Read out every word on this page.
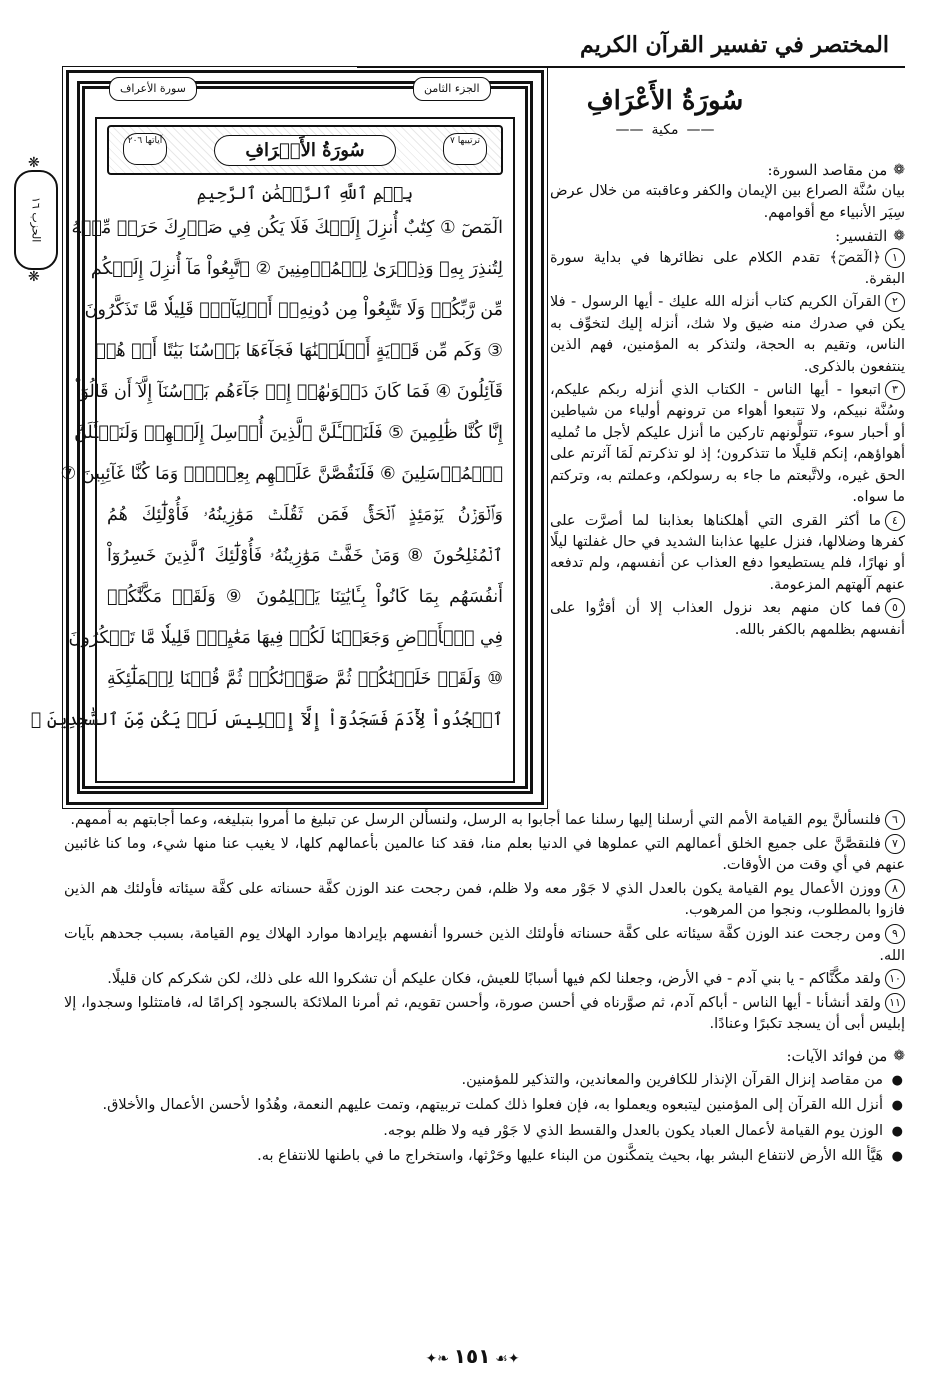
المختصر في تفسير القرآن الكريم
❋ الحزب ١٦
❋
الجزء الثامن
سورة الأعراف
ترتيبها ٧
سُورَةُ الأَعۡرَافِ
آياتها ٢٠٦
بِسۡمِ ٱللَّهِ ٱلرَّحۡمَٰنِ ٱلرَّحِيمِ
الٓمٓصٓ ① كِتَٰبٌ أُنزِلَ إِلَيۡكَ فَلَا يَكُن فِي صَدۡرِكَ حَرَجٞ مِّنۡهُ
لِتُنذِرَ بِهِۦ وَذِكۡرَىٰ لِلۡمُؤۡمِنِينَ ② ٱتَّبِعُواْ مَآ أُنزِلَ إِلَيۡكُم
مِّن رَّبِّكُمۡ وَلَا تَتَّبِعُواْ مِن دُونِهِۦٓ أَوۡلِيَآءَۗ قَلِيلٗا مَّا تَذَكَّرُونَ
③ وَكَم مِّن قَرۡيَةٍ أَهۡلَكۡنَٰهَا فَجَآءَهَا بَأۡسُنَا بَيَٰتًا أَوۡ هُمۡ
قَآئِلُونَ ④ فَمَا كَانَ دَعۡوَىٰهُمۡ إِذۡ جَآءَهُم بَأۡسُنَآ إِلَّآ أَن قَالُوٓاْ
إِنَّا كُنَّا ظَٰلِمِينَ ⑤ فَلَنَسۡـَٔلَنَّ ٱلَّذِينَ أُرۡسِلَ إِلَيۡهِمۡ وَلَنَسۡـَٔلَنَّ
ٱلۡمُرۡسَلِينَ ⑥ فَلَنَقُصَّنَّ عَلَيۡهِم بِعِلۡمٖۖ وَمَا كُنَّا غَآئِبِينَ ⑦
وَٱلۡوَزۡنُ يَوۡمَئِذٍ ٱلۡحَقُّۚ فَمَن ثَقُلَتۡ مَوَٰزِينُهُۥ فَأُوْلَٰٓئِكَ هُمُ
ٱلۡمُفۡلِحُونَ ⑧ وَمَنۡ خَفَّتۡ مَوَٰزِينُهُۥ فَأُوْلَٰٓئِكَ ٱلَّذِينَ خَسِرُوٓاْ
أَنفُسَهُم بِمَا كَانُواْ بِـَٔايَٰتِنَا يَظۡلِمُونَ ⑨ وَلَقَدۡ مَكَّنَّٰكُمۡ
فِي ٱلۡأَرۡضِ وَجَعَلۡنَا لَكُمۡ فِيهَا مَعَٰيِشَۗ قَلِيلٗا مَّا تَشۡكُرُونَ
⑩ وَلَقَدۡ خَلَقۡنَٰكُمۡ ثُمَّ صَوَّرۡنَٰكُمۡ ثُمَّ قُلۡنَا لِلۡمَلَٰٓئِكَةِ
ٱسۡجُدُواْ لِأٓدَمَ فَسَجَدُوٓاْ إِلَّآ إِبۡلِيسَ لَمۡ يَكُن مِّنَ ٱلسَّٰجِدِينَ ⑪
سُورَةُ الأَعْرَافِ
—— مكية ——
❁
من مقاصد السورة:

بيان سُنَّة الصراع بين الإيمان والكفر وعاقبته من خلال عرض سِيَر الأنبياء مع أقوامهم.

❁
التفسير:

١﴿الٓمٓصٓ﴾ تقدم الكلام على نظائرها في بداية سورة البقرة.

٢القرآن الكريم كتاب أنزله الله عليك - أيها الرسول - فلا يكن في صدرك منه ضيق ولا شك، أنزله إليك لتخوِّف به الناس، وتقيم به الحجة، ولتذكر به المؤمنين، فهم الذين ينتفعون بالذكرى.

٣اتبعوا - أيها الناس - الكتاب الذي أنزله ربكم عليكم، وسُنَّة نبيكم، ولا تتبعوا أهواء من ترونهم أولياء من شياطين أو أحبار سوء، تتولَّونهم تاركين ما أنزل عليكم لأجل ما تُمليه أهواؤهم، إنكم قليلًا ما تتذكرون؛ إذ لو تذكرتم لَمَا آثرتم على الحق غيره، ولاتَّبعتم ما جاء به رسولكم، وعملتم به، وتركتم ما سواه.

٤ما أكثر القرى التي أهلكناها بعذابنا لما أصرَّت على كفرها وضلالها، فنزل عليها عذابنا الشديد في حال غفلتها ليلًا أو نهارًا، فلم يستطيعوا دفع العذاب عن أنفسهم، ولم تدفعه عنهم آلهتهم المزعومة.

٥فما كان منهم بعد نزول العذاب إلا أن أقرُّوا على أنفسهم بظلمهم بالكفر بالله.

٦فلنسألنَّ يوم القيامة الأمم التي أرسلنا إليها رسلنا عما أجابوا به الرسل، ولنسألن الرسل عن تبليغ ما أمروا بتبليغه، وعما أجابتهم به أممهم.

٧فلنقصَّنَّ على جميع الخلق أعمالهم التي عملوها في الدنيا بعلم منا، فقد كنا عالمين بأعمالهم كلها، لا يغيب عنا منها شيء، وما كنا غائبين عنهم في أي وقت من الأوقات.

٨ووزن الأعمال يوم القيامة يكون بالعدل الذي لا جَوْر معه ولا ظلم، فمن رجحت عند الوزن كفَّة حسناته على كفَّة سيئاته فأولئك هم الذين فازوا بالمطلوب، ونجوا من المرهوب.

٩ومن رجحت عند الوزن كفَّة سيئاته على كفَّة حسناته فأولئك الذين خسروا أنفسهم بإيرادها موارد الهلاك يوم القيامة، بسبب جحدهم بآيات الله.

١٠ولقد مكَّنَّاكم - يا بني آدم - في الأرض، وجعلنا لكم فيها أسبابًا للعيش، فكان عليكم أن تشكروا الله على ذلك، لكن شكركم كان قليلًا.

١١ولقد أنشأنا - أيها الناس - أباكم آدم، ثم صوَّرناه في أحسن صورة، وأحسن تقويم، ثم أمرنا الملائكة بالسجود إكرامًا له، فامتثلوا وسجدوا، إلا إبليس أبى أن يسجد تكبرًا وعنادًا.

❁
من فوائد الآيات:
● من مقاصد إنزال القرآن الإنذار للكافرين والمعاندين، والتذكير للمؤمنين.
● أنزل الله القرآن إلى المؤمنين ليتبعوه ويعملوا به، فإن فعلوا ذلك كملت تربيتهم، وتمت عليهم النعمة، وهُدُوا لأحسن الأعمال والأخلاق.
● الوزن يوم القيامة لأعمال العباد يكون بالعدل والقسط الذي لا جَوْر فيه ولا ظلم بوجه.
● هَيَّأ الله الأرض لانتفاع البشر بها، بحيث يتمكَّنون من البناء عليها وحَرْثها، واستخراج ما في باطنها للانتفاع به.
✦❧ ١٥١ ☙✦
